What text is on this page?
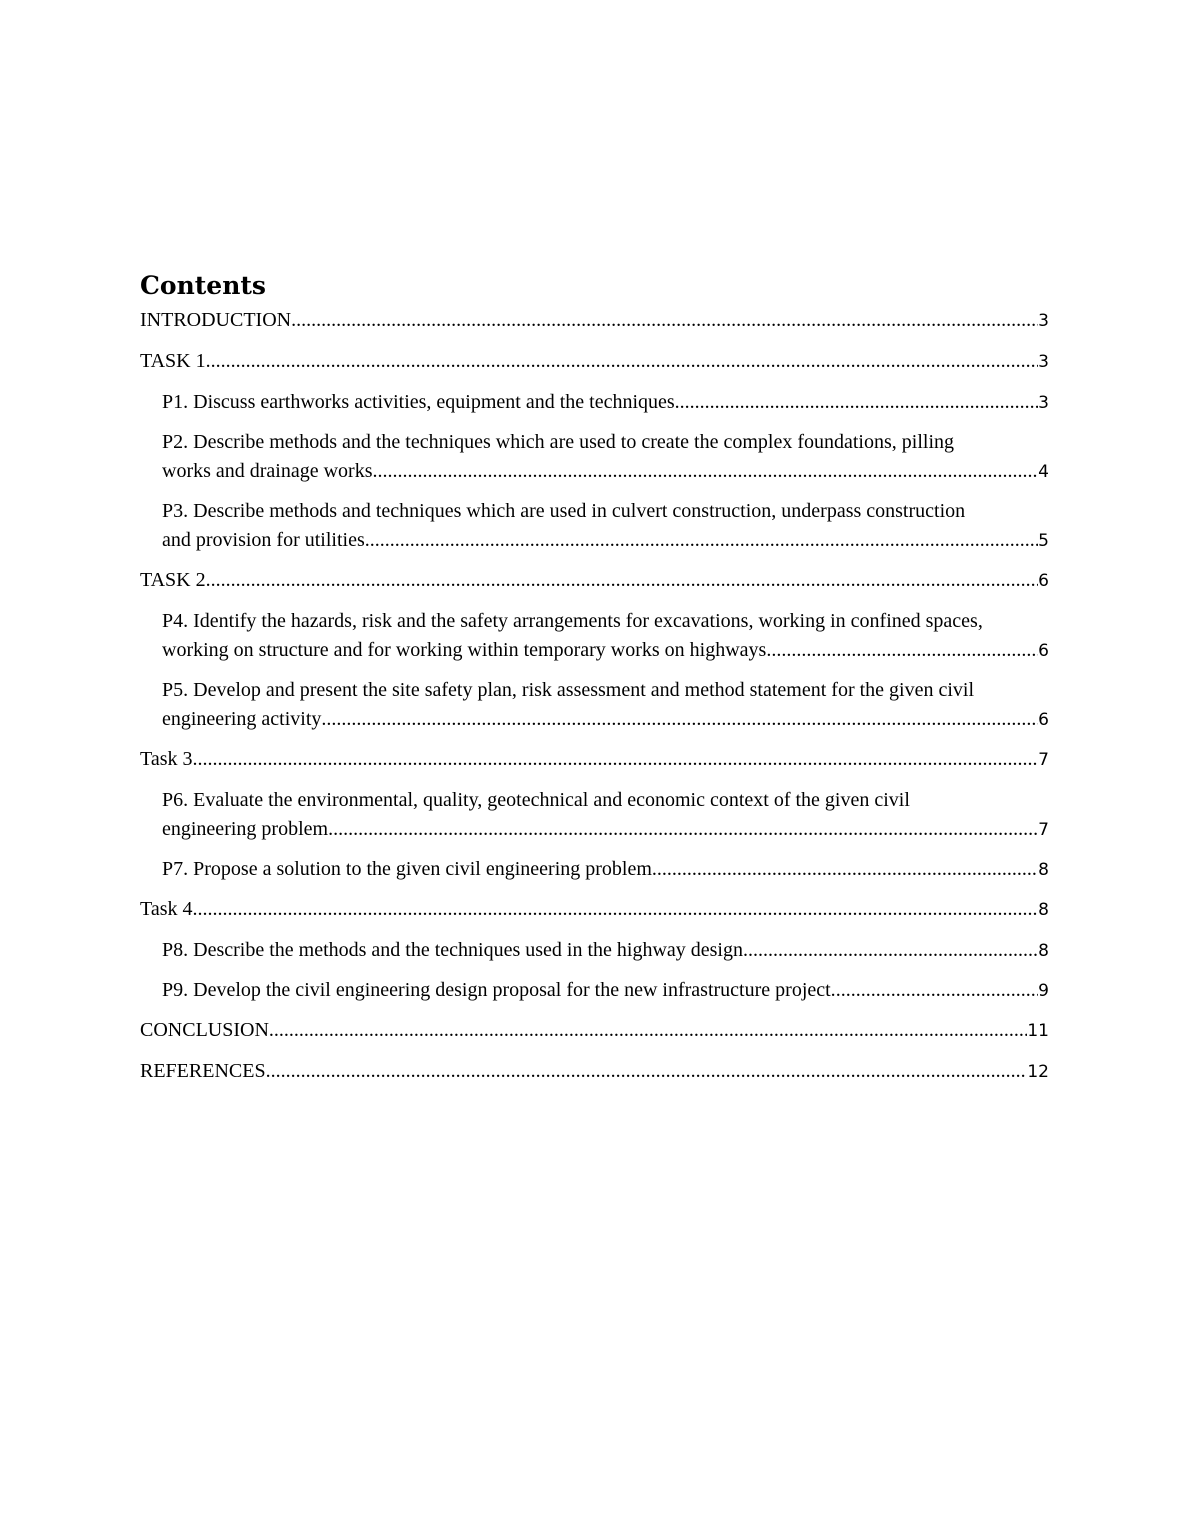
Contents
INTRODUCTION .....	3
TASK 1 .....	3
P1. Discuss earthworks activities, equipment and the techniques. .....	3
P2. Describe methods and the techniques which are used to create the complex foundations, pilling
works and drainage works .....	4
P3. Describe methods and techniques which are used in culvert construction, underpass construction
and provision for utilities .....	5
TASK 2 .....	6
P4. Identify the hazards, risk and the safety arrangements for excavations, working in confined spaces,
working on structure and for working within temporary works on highways .....	6
P5. Develop and present the site safety plan, risk assessment and method statement for the given civil
engineering activity .....	6
Task 3 .....	7
P6. Evaluate the environmental, quality, geotechnical and economic context of the given civil
engineering problem .....	7
P7. Propose a solution to the given civil engineering problem. .....	8
Task 4 .....	8
P8. Describe the methods and the techniques used in the highway design. .....	8
P9. Develop the civil engineering design proposal for the new infrastructure project. .....	9
CONCLUSION .....	11
REFERENCES .....	12
